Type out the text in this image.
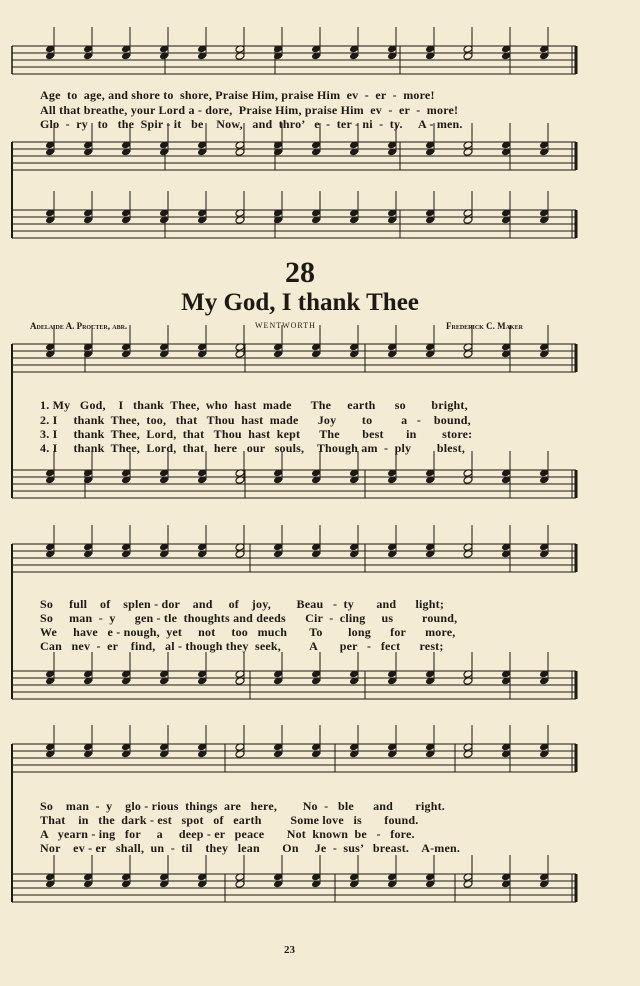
Age  to  age, and shore to  shore, Praise Him, praise Him  ev  -  er  -  more!
All that breathe, your Lord a - dore,  Praise Him, praise Him  ev  -  er  -  more!
Glo  -  ry   to   the  Spir - it   be    Now,   and  thro’   e  -  ter - ni  -  ty.     A - men.
28
My God, I thank Thee
Adelaide A. Procter, abr.	WENTWORTH	Frederick C. Maker
1. My   God,    I   thank  Thee,  who  hast  made      The     earth      so        bright,
2. I     thank  Thee,  too,   that   Thou  hast  made      Joy        to         a   -    bound,
3. I     thank  Thee,  Lord,  that   Thou  hast  kept      The       best       in        store:
4. I     thank  Thee,  Lord,  that   here   our   souls,    Though am  -  ply        blest,
So     full    of    splen - dor    and     of    joy,        Beau   -  ty       and      light;
So     man  -  y      gen - tle  thoughts and deeds      Cir  -  cling     us         round,
We     have   e - nough,  yet     not     too   much       To        long      for      more,
Can   nev  -  er    find,   al - though they  seek,         A       per   -   fect      rest;
So    man  -  y    glo - rious  things  are   here,        No  -   ble      and       right.
That    in   the  dark - est   spot   of   earth         Some love   is       found.
A   yearn - ing   for     a     deep - er   peace       Not  known  be   -   fore.
Nor    ev - er   shall,  un  -  til    they   lean       On     Je  -  sus’   breast.    A-men.
23
